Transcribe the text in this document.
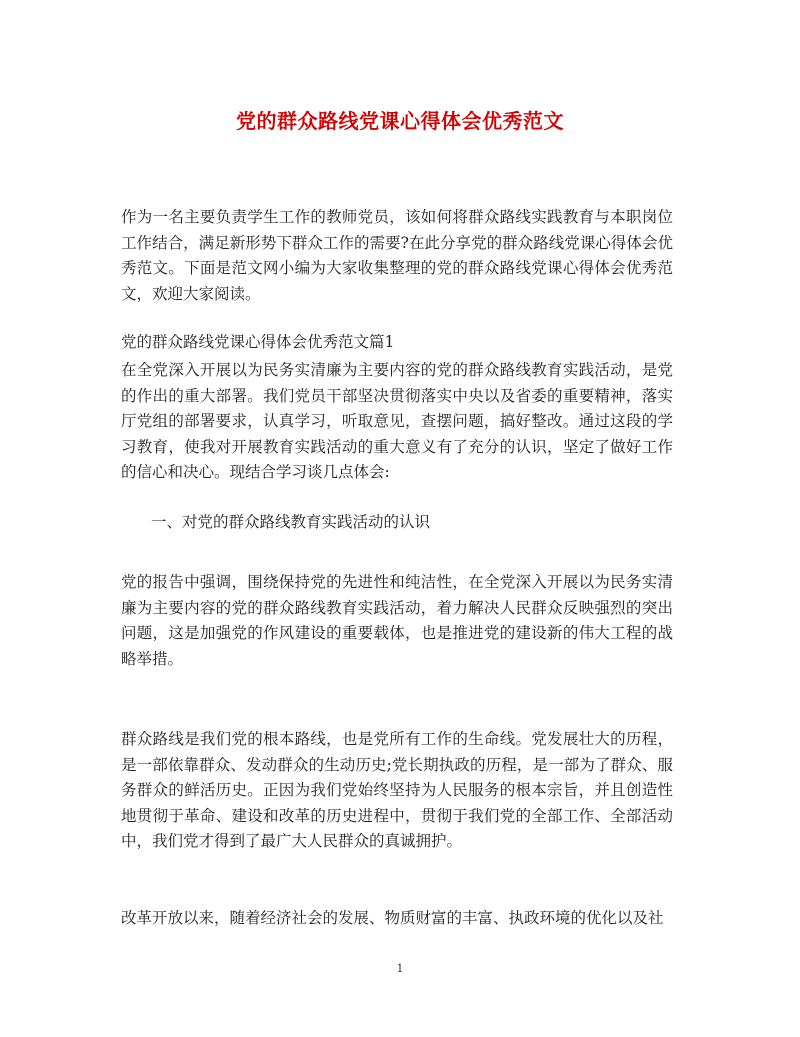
党的群众路线党课心得体会优秀范文

作为一名主要负责学生工作的教师党员，该如何将群众路线实践教育与本职岗位工作结合，满足新形势下群众工作的需要?在此分享党的群众路线党课心得体会优秀范文。下面是范文网小编为大家收集整理的党的群众路线党课心得体会优秀范文，欢迎大家阅读。

党的群众路线党课心得体会优秀范文篇1

在全党深入开展以为民务实清廉为主要内容的党的群众路线教育实践活动，是党的作出的重大部署。我们党员干部坚决贯彻落实中央以及省委的重要精神，落实厅党组的部署要求，认真学习，听取意见，查摆问题，搞好整改。通过这段的学习教育，使我对开展教育实践活动的重大意义有了充分的认识，坚定了做好工作的信心和决心。现结合学习谈几点体会:

一、对党的群众路线教育实践活动的认识

党的报告中强调，围绕保持党的先进性和纯洁性，在全党深入开展以为民务实清廉为主要内容的党的群众路线教育实践活动，着力解决人民群众反映强烈的突出问题，这是加强党的作风建设的重要载体，也是推进党的建设新的伟大工程的战略举措。

群众路线是我们党的根本路线，也是党所有工作的生命线。党发展壮大的历程，是一部依靠群众、发动群众的生动历史;党长期执政的历程，是一部为了群众、服务群众的鲜活历史。正因为我们党始终坚持为人民服务的根本宗旨，并且创造性地贯彻于革命、建设和改革的历史进程中，贯彻于我们党的全部工作、全部活动中，我们党才得到了最广大人民群众的真诚拥护。

改革开放以来，随着经济社会的发展、物质财富的丰富、执政环境的优化以及社

1
